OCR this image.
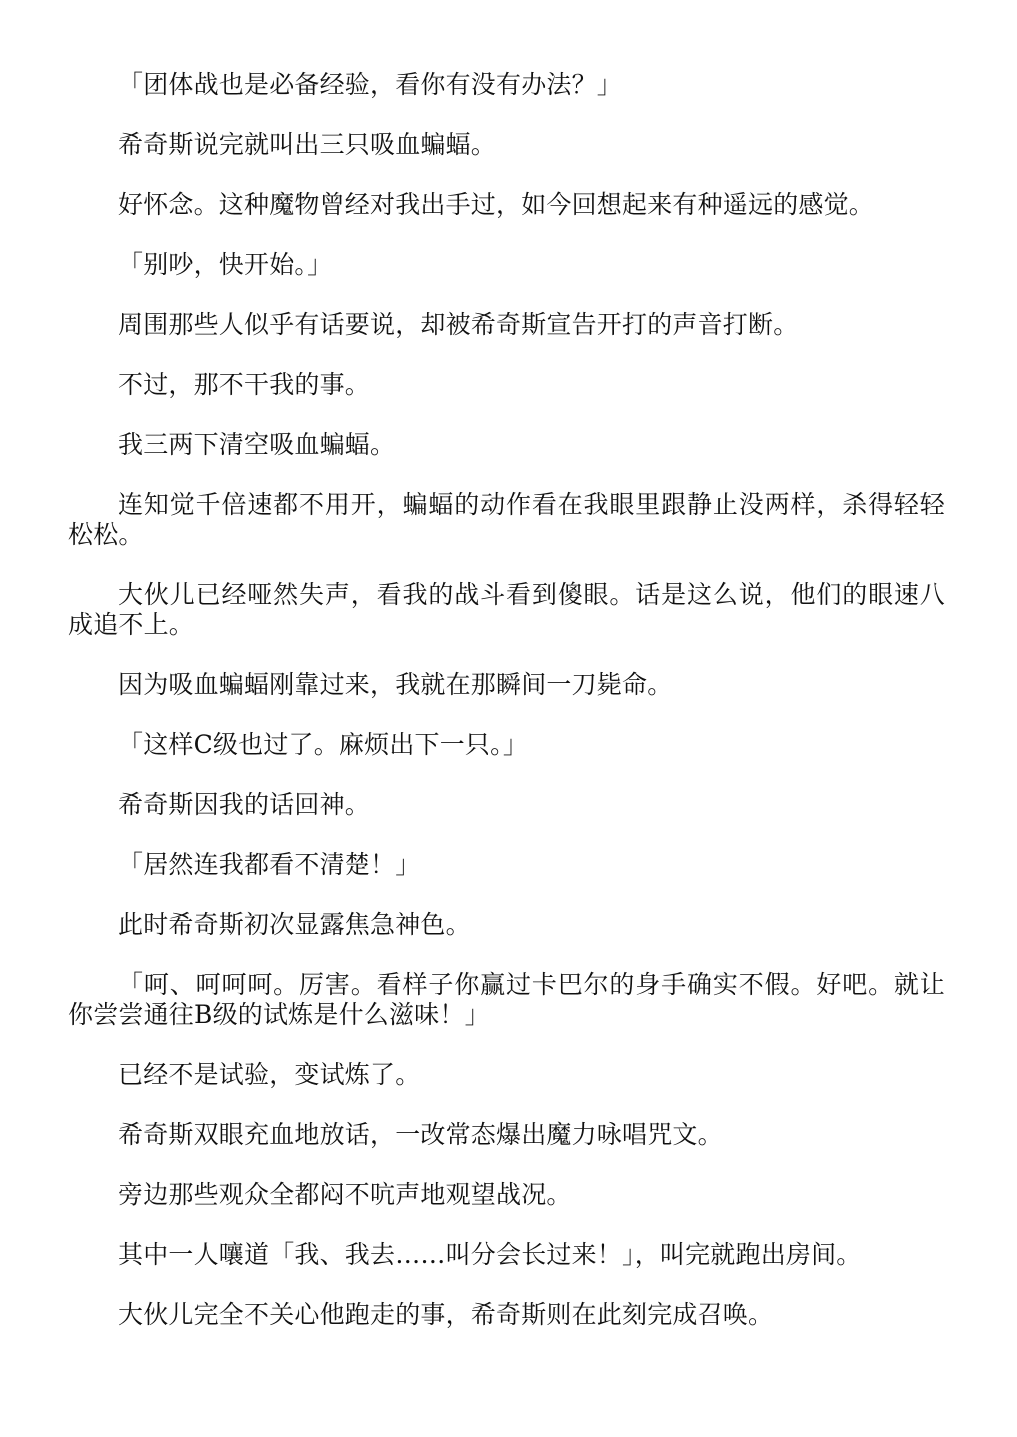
「团体战也是必备经验，看你有没有办法？」

希奇斯说完就叫出三只吸血蝙蝠。

好怀念。这种魔物曾经对我出手过，如今回想起来有种遥远的感觉。

「别吵，快开始。」

周围那些人似乎有话要说，却被希奇斯宣告开打的声音打断。

不过，那不干我的事。

我三两下清空吸血蝙蝠。

连知觉千倍速都不用开，蝙蝠的动作看在我眼里跟静止没两样，杀得轻轻松松。

大伙儿已经哑然失声，看我的战斗看到傻眼。话是这么说，他们的眼速八成追不上。

因为吸血蝙蝠刚靠过来，我就在那瞬间一刀毙命。

「这样C级也过了。麻烦出下一只。」

希奇斯因我的话回神。

「居然连我都看不清楚！」

此时希奇斯初次显露焦急神色。

「呵、呵呵呵。厉害。看样子你赢过卡巴尔的身手确实不假。好吧。就让你尝尝通往B级的试炼是什么滋味！」

已经不是试验，变试炼了。

希奇斯双眼充血地放话，一改常态爆出魔力咏唱咒文。

旁边那些观众全都闷不吭声地观望战况。

其中一人嚷道「我、我去……叫分会长过来！」，叫完就跑出房间。

大伙儿完全不关心他跑走的事，希奇斯则在此刻完成召唤。
